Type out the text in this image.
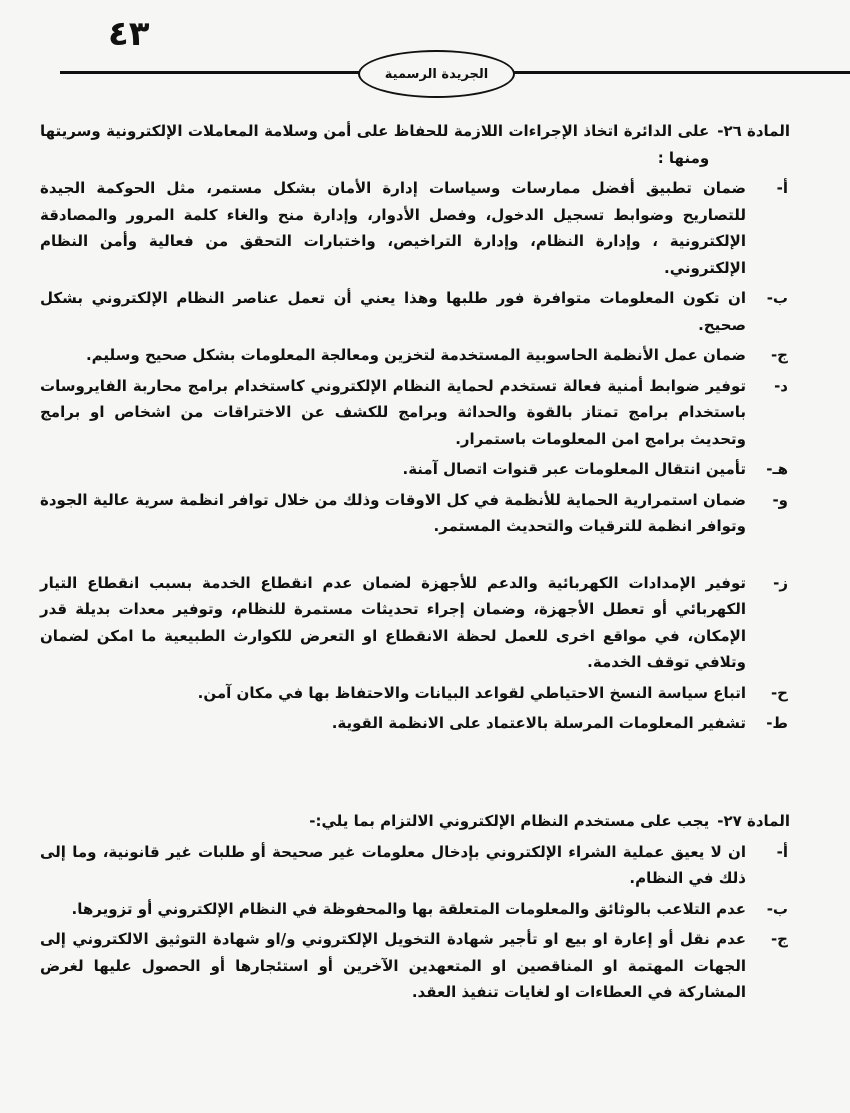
٤٣
الجريدة الرسمية
المادة ٢٦-
على الدائرة اتخاذ الإجراءات اللازمة للحفاظ على أمن وسلامة المعاملات الإلكترونية وسريتها ومنها :
أ-
ضمان تطبيق أفضل ممارسات وسياسات إدارة الأمان بشكل مستمر، مثل الحوكمة الجيدة للتصاريح وضوابط تسجيل الدخول، وفصل الأدوار، وإدارة منح والغاء كلمة المرور والمصادقة الإلكترونية ، وإدارة النظام، وإدارة التراخيص، واختبارات التحقق من فعالية وأمن النظام الإلكتروني.
ب-
ان تكون المعلومات متوافرة فور طلبها وهذا يعني أن تعمل عناصر النظام الإلكتروني بشكل صحيح.
ج-
ضمان عمل الأنظمة الحاسوبية المستخدمة لتخزين ومعالجة المعلومات بشكل صحيح وسليم.
د-
توفير ضوابط أمنية فعالة تستخدم لحماية النظام الإلكتروني كاستخدام برامج محاربة الفايروسات باستخدام برامج تمتاز بالقوة والحداثة وبرامج للكشف عن الاختراقات من اشخاص او برامج وتحديث برامج امن المعلومات باستمرار.
هـ-
تأمين انتقال المعلومات عبر قنوات اتصال آمنة.
و-
ضمان استمرارية الحماية للأنظمة في كل الاوقات وذلك من خلال توافر انظمة سرية عالية الجودة وتوافر انظمة للترقيات والتحديث المستمر.
ز-
توفير الإمدادات الكهربائية والدعم للأجهزة لضمان عدم انقطاع الخدمة بسبب انقطاع التيار الكهربائي أو تعطل الأجهزة، وضمان إجراء تحديثات مستمرة للنظام، وتوفير معدات بديلة قدر الإمكان، في مواقع اخرى للعمل لحظة الانقطاع او التعرض للكوارث الطبيعية ما امكن لضمان وتلافي توقف الخدمة.
ح-
اتباع سياسة النسخ الاحتياطي لقواعد البيانات والاحتفاظ بها في مكان آمن.
ط-
تشفير المعلومات المرسلة بالاعتماد على الانظمة القوية.
المادة ٢٧-
يجب على مستخدم النظام الإلكتروني الالتزام بما يلي:-
أ-
ان لا يعيق عملية الشراء الإلكتروني بإدخال معلومات غير صحيحة أو طلبات غير قانونية، وما إلى ذلك في النظام.
ب-
عدم التلاعب بالوثائق والمعلومات المتعلقة بها والمحفوظة في النظام الإلكتروني أو تزويرها.
ج-
عدم نقل أو إعارة او بيع او تأجير شهادة التخويل الإلكتروني و/او شهادة التوثيق الالكتروني إلى الجهات المهتمة او المناقصين او المتعهدين الآخرين أو استئجارها أو الحصول عليها لغرض المشاركة في العطاءات او لغايات تنفيذ العقد.
